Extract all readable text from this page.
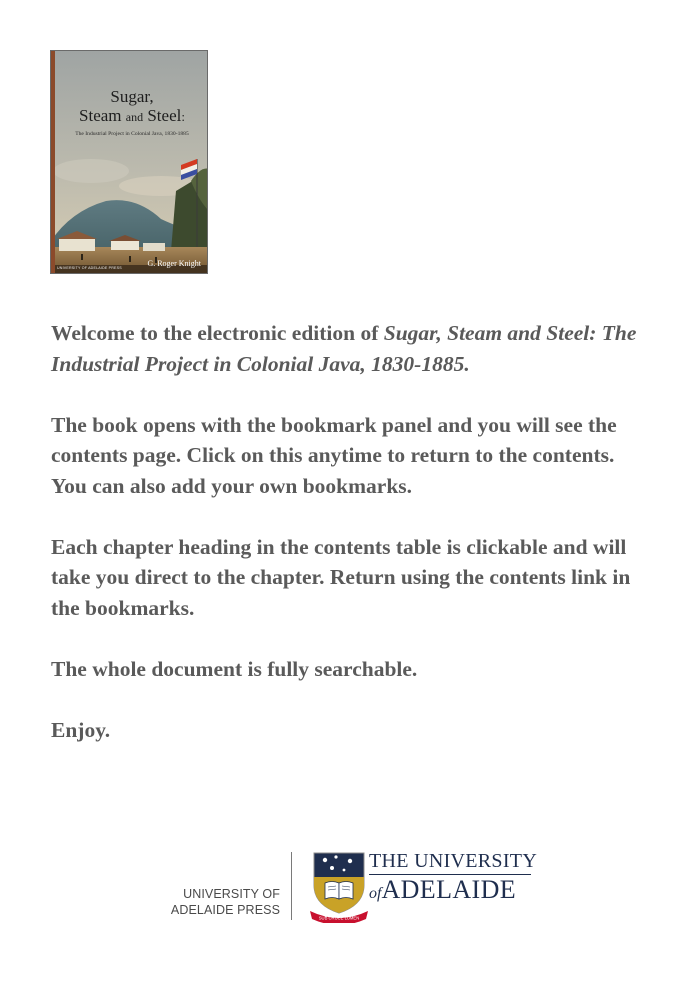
Sugar,
Steam and Steel:
The Industrial Project in Colonial Java, 1830-1885
UNIVERSITY OF ADELAIDE PRESS	G. Roger Knight

Welcome to the electronic edition of Sugar, Steam and Steel: The Industrial Project in Colonial Java, 1830-1885.

The book opens with the bookmark panel and you will see the contents page. Click on this anytime to return to the contents. You can also add your own bookmarks.

Each chapter heading in the contents table is clickable and will take you direct to the chapter. Return using the contents link in the bookmarks.

The whole document is fully searchable.

Enjoy.

UNIVERSITY OF
ADELAIDE PRESS
SUB CRUCE LUMEN
THE UNIVERSITY
ofADELAIDE
